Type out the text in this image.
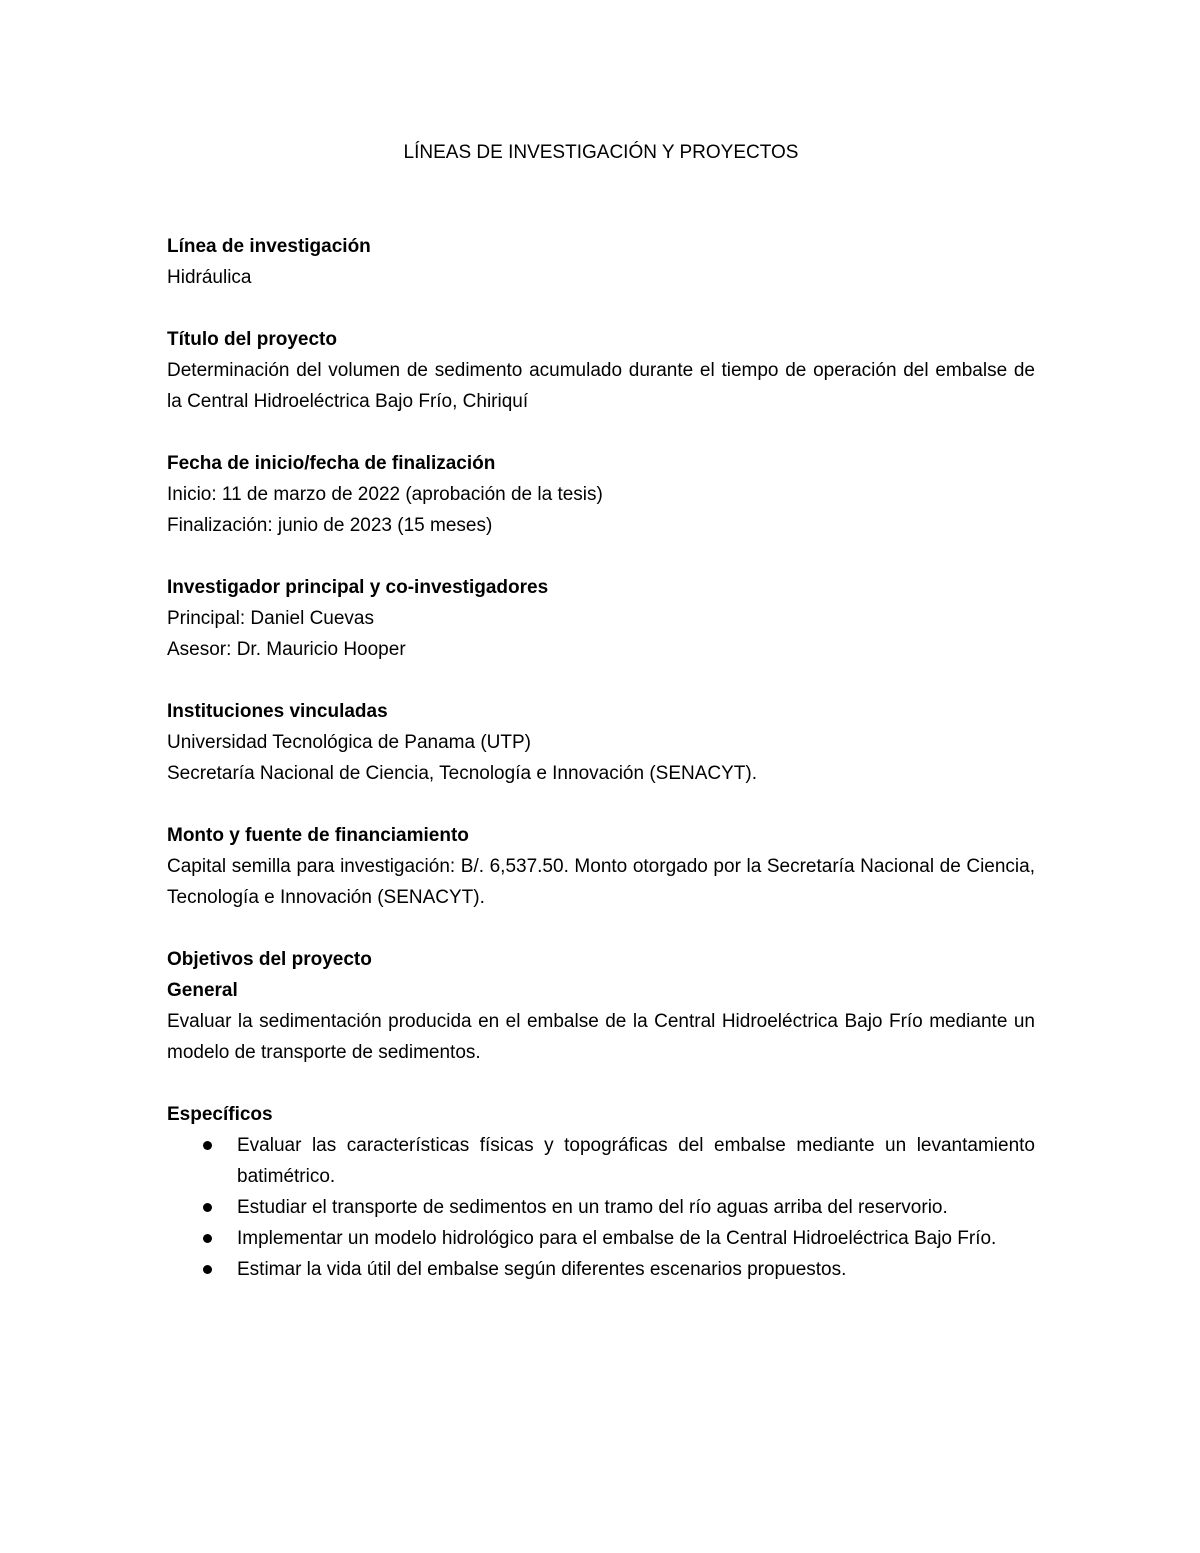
LÍNEAS DE INVESTIGACIÓN Y PROYECTOS

Línea de investigación

Hidráulica

Título del proyecto

Determinación del volumen de sedimento acumulado durante el tiempo de operación del embalse de la Central Hidroeléctrica Bajo Frío, Chiriquí

Fecha de inicio/fecha de finalización

Inicio: 11 de marzo de 2022 (aprobación de la tesis)

Finalización: junio de 2023 (15 meses)

Investigador principal y co-investigadores

Principal: Daniel Cuevas

Asesor: Dr. Mauricio Hooper

Instituciones vinculadas

Universidad Tecnológica de Panama (UTP)

Secretaría Nacional de Ciencia, Tecnología e Innovación (SENACYT).

Monto y fuente de financiamiento

Capital semilla para investigación: B/. 6,537.50. Monto otorgado por la Secretaría Nacional de Ciencia, Tecnología e Innovación (SENACYT).

Objetivos del proyecto

General

Evaluar la sedimentación producida en el embalse de la Central Hidroeléctrica Bajo Frío mediante un modelo de transporte de sedimentos.

Específicos

Evaluar las características físicas y topográficas del embalse mediante un levantamiento batimétrico.
Estudiar el transporte de sedimentos en un tramo del río aguas arriba del reservorio.
Implementar un modelo hidrológico para el embalse de la Central Hidroeléctrica Bajo Frío.
Estimar la vida útil del embalse según diferentes escenarios propuestos.
